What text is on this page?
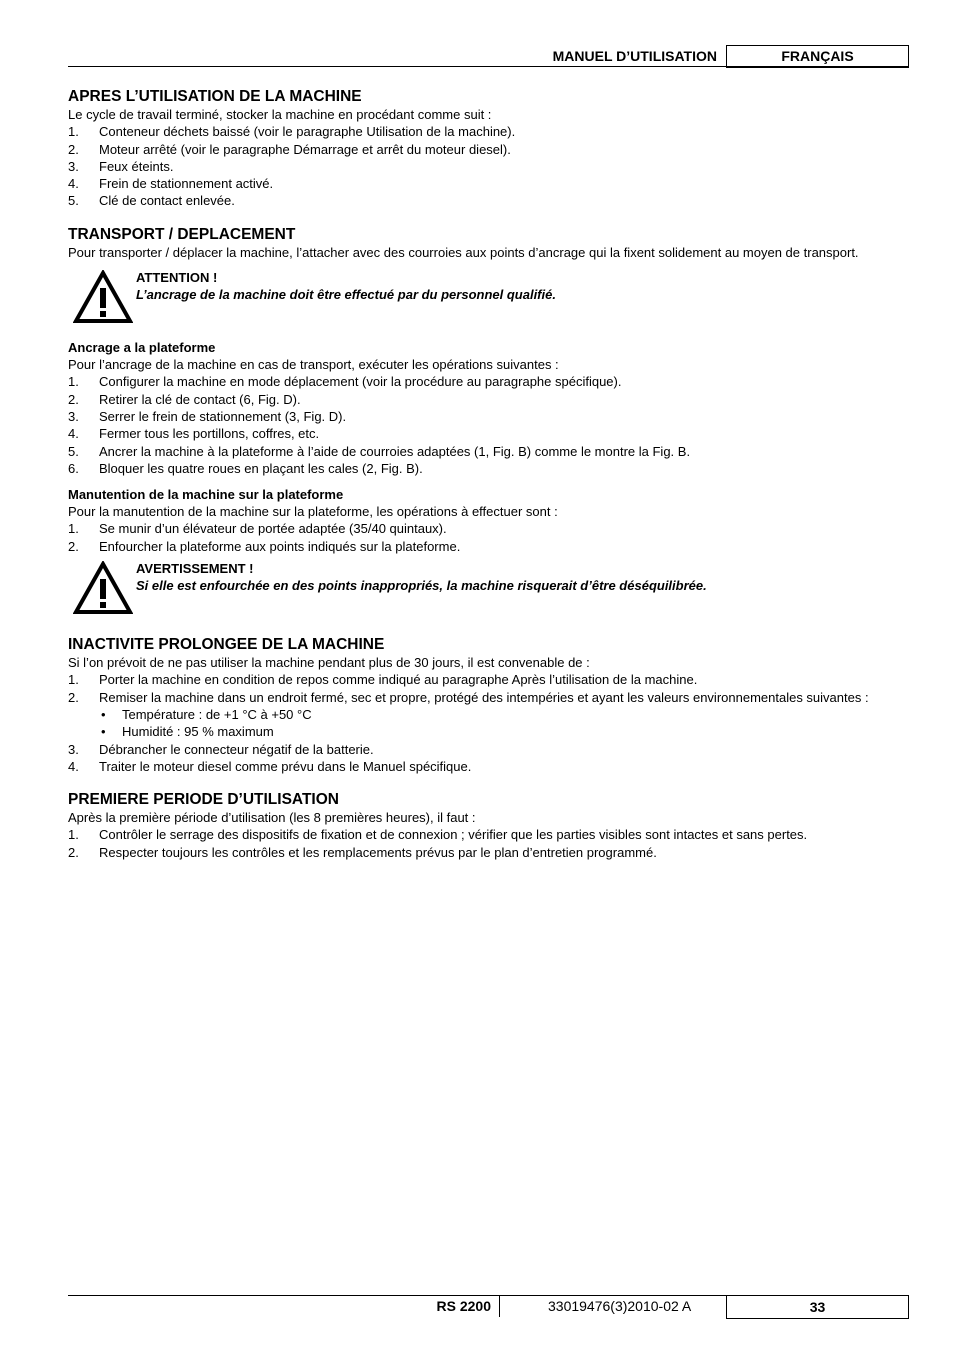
MANUEL D’UTILISATION	FRANÇAIS
APRES L’UTILISATION DE LA MACHINE

Le cycle de travail terminé, stocker la machine en procédant comme suit :

1. Conteneur déchets baissé (voir le paragraphe Utilisation de la machine).
2. Moteur arrêté (voir le paragraphe Démarrage et arrêt du moteur diesel).
3. Feux éteints.
4. Frein de stationnement activé.
5. Clé de contact enlevée.
TRANSPORT / DEPLACEMENT

Pour transporter / déplacer la machine, l’attacher avec des courroies aux points d’ancrage qui la fixent solidement au moyen de transport.

ATTENTION !
L’ancrage de la machine doit être effectué par du personnel qualifié.
Ancrage a la plateforme

Pour l’ancrage de la machine en cas de transport, exécuter les opérations suivantes :

1. Configurer la machine en mode déplacement (voir la procédure au paragraphe spécifique).
2. Retirer la clé de contact (6, Fig. D).
3. Serrer le frein de stationnement (3, Fig. D).
4. Fermer tous les portillons, coffres, etc.
5. Ancrer la machine à la plateforme à l’aide de courroies adaptées (1, Fig. B) comme le montre la Fig. B.
6. Bloquer les quatre roues en plaçant les cales (2, Fig. B).
Manutention de la machine sur la plateforme

Pour la manutention de la machine sur la plateforme, les opérations à effectuer sont :

1. Se munir d’un élévateur de portée adaptée (35/40 quintaux).
2. Enfourcher la plateforme aux points indiqués sur la plateforme.
AVERTISSEMENT !
Si elle est enfourchée en des points inappropriés, la machine risquerait d’être déséquilibrée.
INACTIVITE PROLONGEE DE LA MACHINE

Si l’on prévoit de ne pas utiliser la machine pendant plus de 30 jours, il est convenable de :

1. Porter la machine en condition de repos comme indiqué au paragraphe Après l’utilisation de la machine.
2. Remiser la machine dans un endroit fermé, sec et propre, protégé des intempéries et ayant les valeurs environnementales suivantes :
• Température : de +1 °C à +50 °C
• Humidité : 95 % maximum
3. Débrancher le connecteur négatif de la batterie.
4. Traiter le moteur diesel comme prévu dans le Manuel spécifique.
PREMIERE PERIODE D’UTILISATION

Après la première période d’utilisation (les 8 premières heures), il faut :

1. Contrôler le serrage des dispositifs de fixation et de connexion ; vérifier que les parties visibles sont intactes et sans pertes.
2. Respecter toujours les contrôles et les remplacements prévus par le plan d’entretien programmé.
RS 2200	33019476(3)2010-02 A	33
